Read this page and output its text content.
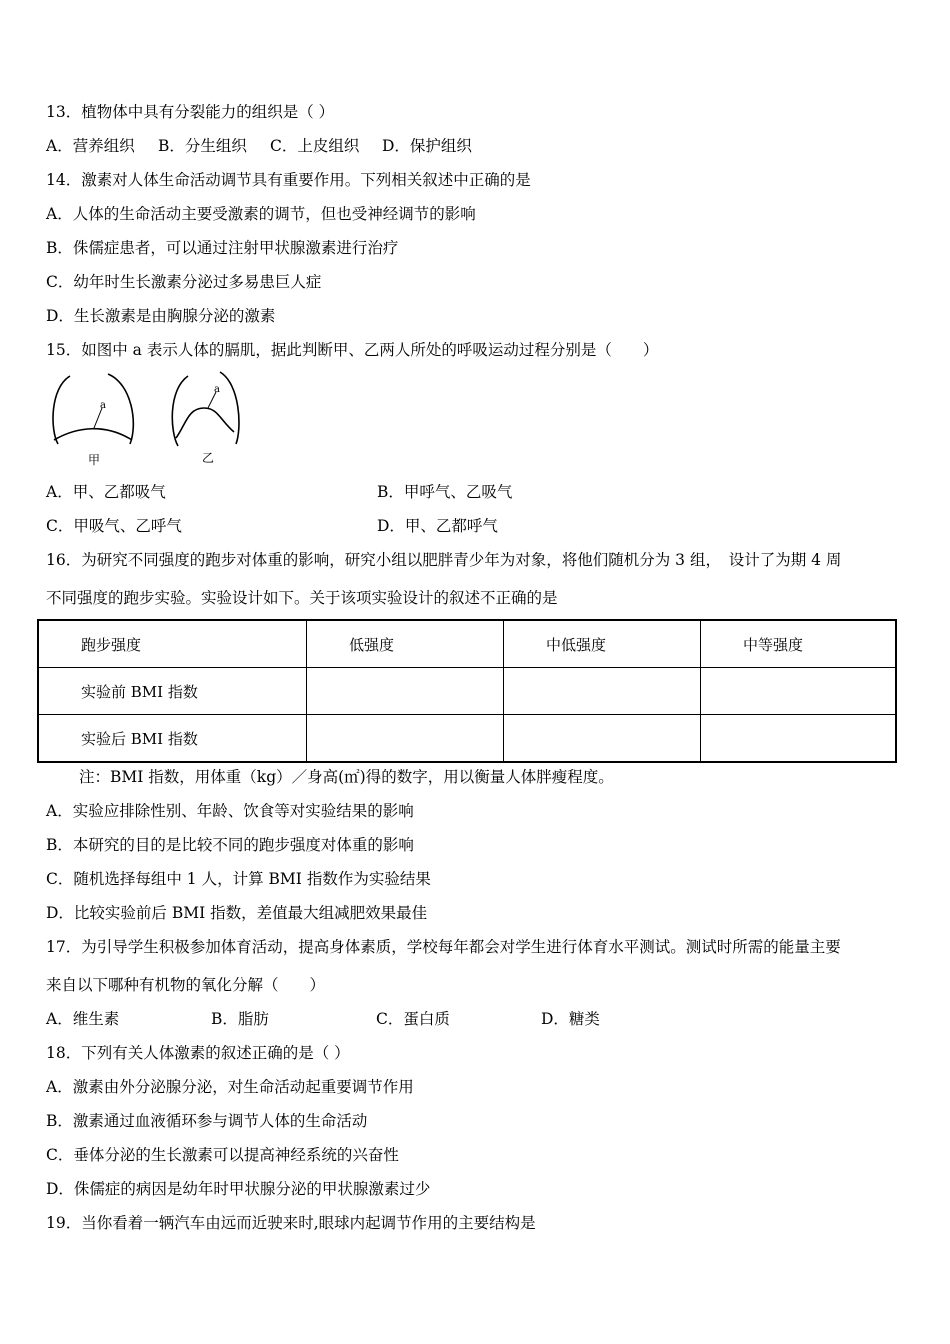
13．植物体中具有分裂能力的组织是（ ）
A．营养组织 B．分生组织 C．上皮组织 D．保护组织
14．激素对人体生命活动调节具有重要作用。下列相关叙述中正确的是
A．人体的生命活动主要受激素的调节，但也受神经调节的影响
B．侏儒症患者，可以通过注射甲状腺激素进行治疗
C．幼年时生长激素分泌过多易患巨人症
D．生长激素是由胸腺分泌的激素
15．如图中 a 表示人体的膈肌，据此判断甲、乙两人所处的呼吸运动过程分别是（　　）
a
甲
a
乙
A．甲、乙都吸气	B．甲呼气、乙吸气
C．甲吸气、乙呼气	D．甲、乙都呼气
16．为研究不同强度的跑步对体重的影响，研究小组以肥胖青少年为对象，将他们随机分为 3 组，　设计了为期 4 周
不同强度的跑步实验。实验设计如下。关于该项实验设计的叙述不正确的是
跑步强度	低强度	中低强度	中等强度
实验前 BMI 指数			
实验后 BMI 指数			
注：BMI 指数，用体重（kg）／身高(㎡)得的数字，用以衡量人体胖瘦程度。
A．实验应排除性别、年龄、饮食等对实验结果的影响
B．本研究的目的是比较不同的跑步强度对体重的影响
C．随机选择每组中 1 人，计算 BMI 指数作为实验结果
D．比较实验前后 BMI 指数，差值最大组减肥效果最佳
17．为引导学生积极参加体育活动，提高身体素质，学校每年都会对学生进行体育水平测试。测试时所需的能量主要
来自以下哪种有机物的氧化分解（　　）
A．维生素	B．脂肪	C．蛋白质	D．糖类
18．下列有关人体激素的叙述正确的是（ ）
A．激素由外分泌腺分泌，对生命活动起重要调节作用
B．激素通过血液循环参与调节人体的生命活动
C．垂体分泌的生长激素可以提高神经系统的兴奋性
D．侏儒症的病因是幼年时甲状腺分泌的甲状腺激素过少
19．当你看着一辆汽车由远而近驶来时,眼球内起调节作用的主要结构是
